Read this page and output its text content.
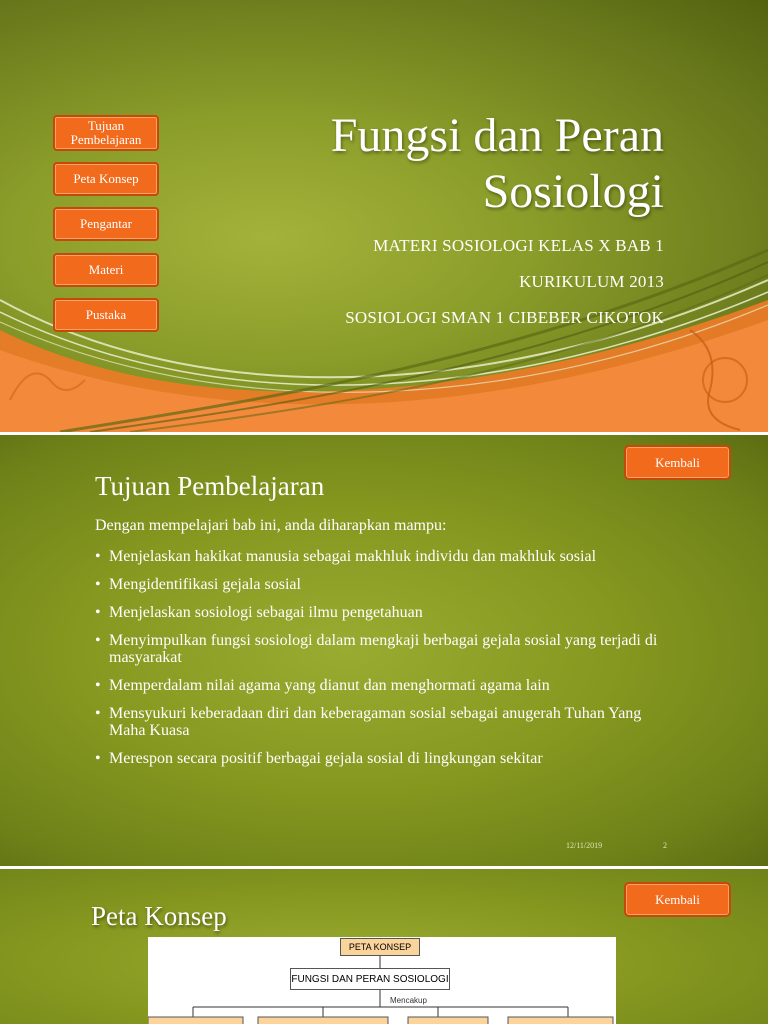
Tujuan Pembelajaran
Peta Konsep
Pengantar
Materi
Pustaka
Fungsi dan Peran
Sosiologi
MATERI SOSIOLOGI KELAS X BAB 1
KURIKULUM 2013
SOSIOLOGI SMAN 1 CIBEBER CIKOTOK
Kembali
Tujuan Pembelajaran
Dengan mempelajari bab ini, anda diharapkan mampu:
• Menjelaskan hakikat manusia sebagai makhluk individu dan makhluk sosial
• Mengidentifikasi gejala sosial
• Menjelaskan sosiologi sebagai ilmu pengetahuan
• Menyimpulkan fungsi sosiologi dalam mengkaji berbagai gejala sosial yang terjadi di masyarakat
• Memperdalam nilai agama yang dianut dan menghormati agama lain
• Mensyukuri keberadaan diri dan keberagaman sosial sebagai anugerah Tuhan Yang Maha Kuasa
• Merespon secara positif berbagai gejala sosial di lingkungan sekitar
12/11/2019	2
Kembali
Peta Konsep
PETA KONSEP
FUNGSI DAN PERAN SOSIOLOGI
Mencakup
